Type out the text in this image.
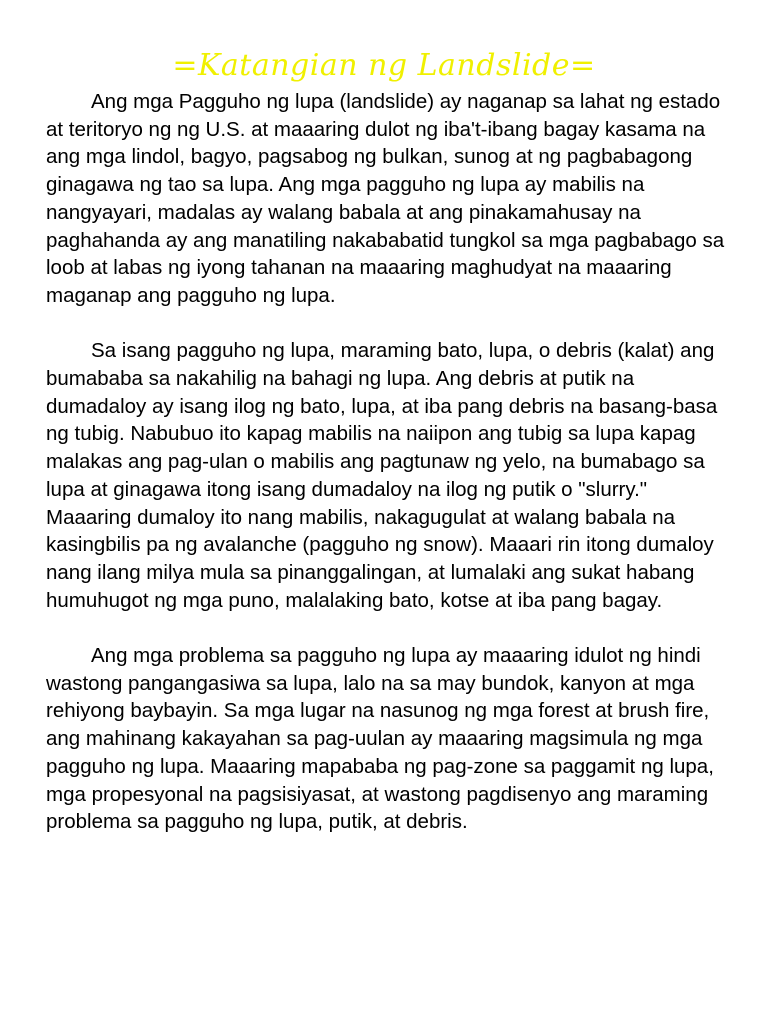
=Katangian ng Landslide=

Ang mga Pagguho ng lupa (landslide) ay naganap sa lahat ng estado at teritoryo ng ng U.S. at maaaring dulot ng iba't-ibang bagay kasama na ang mga lindol, bagyo, pagsabog ng bulkan, sunog at ng pagbabagong ginagawa ng tao sa lupa. Ang mga pagguho ng lupa ay mabilis na nangyayari, madalas ay walang babala at ang pinakamahusay na paghahanda ay ang manatiling nakababatid tungkol sa mga pagbabago sa loob at labas ng iyong tahanan na maaaring maghudyat na maaaring maganap ang pagguho ng lupa.

Sa isang pagguho ng lupa, maraming bato, lupa, o debris (kalat) ang bumababa sa nakahilig na bahagi ng lupa. Ang debris at putik na dumadaloy ay isang ilog ng bato, lupa, at iba pang debris na basang-basa ng tubig. Nabubuo ito kapag mabilis na naiipon ang tubig sa lupa kapag malakas ang pag-ulan o mabilis ang pagtunaw ng yelo, na bumabago sa lupa at ginagawa itong isang dumadaloy na ilog ng putik o "slurry." Maaaring dumaloy ito nang mabilis, nakagugulat at walang babala na kasingbilis pa ng avalanche (pagguho ng snow). Maaari rin itong dumaloy nang ilang milya mula sa pinanggalingan, at lumalaki ang sukat habang humuhugot ng mga puno, malalaking bato, kotse at iba pang bagay.

Ang mga problema sa pagguho ng lupa ay maaaring idulot ng hindi wastong pangangasiwa sa lupa, lalo na sa may bundok, kanyon at mga rehiyong baybayin. Sa mga lugar na nasunog ng mga forest at brush fire, ang mahinang kakayahan sa pag-uulan ay maaaring magsimula ng mga pagguho ng lupa. Maaaring mapababa ng pag-zone sa paggamit ng lupa, mga propesyonal na pagsisiyasat, at wastong pagdisenyo ang maraming problema sa pagguho ng lupa, putik, at debris.
